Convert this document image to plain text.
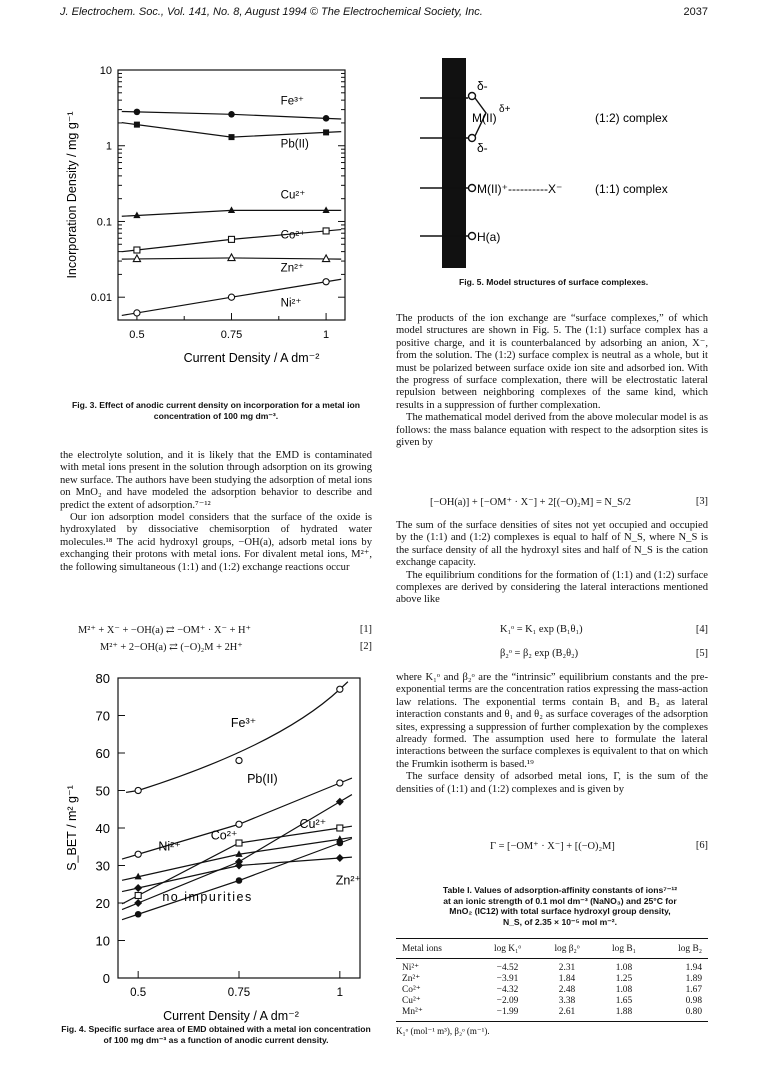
J. Electrochem. Soc., Vol. 141, No. 8, August 1994 © The Electrochemical Society, Inc.	2037
10
1
0.1
0.01
0.5	0.75	1
Current Density / A dm⁻²
Incorporation Density / mg g⁻¹
Fe³⁺
Pb(II)
Cu²⁺
Co²⁺
Zn²⁺
Ni²⁺
Fig. 3. Effect of anodic current density on incorporation for a metal ion concentration of 100 mg dm⁻³.

the electrolyte solution, and it is likely that the EMD is contaminated with metal ions present in the solution through adsorption on its growing new surface. The authors have been studying the adsorption of metal ions on MnO₂ and have modeled the adsorption behavior to describe and predict the extent of adsorption.⁷⁻¹²

Our ion adsorption model considers that the surface of the oxide is hydroxylated by dissociative chemisorption of hydrated water molecules.¹⁸ The acid hydroxyl groups, −OH(a), adsorb metal ions by exchanging their protons with metal ions. For divalent metal ions, M²⁺, the following simultaneous (1:1) and (1:2) exchange reactions occur

M²⁺ + X⁻ + −OH(a) ⇄ −OM⁺ · X⁻ + H⁺	[1]
M²⁺ + 2−OH(a) ⇄ (−O)₂M + 2H⁺	[2]
80
70
60
50
40
30
20
10
0
0.5	0.75	1
Current Density / A dm⁻²
S_BET / m² g⁻¹
Fe³⁺
Pb(II)
Cu²⁺
Co²⁺
Ni²⁺
Zn²⁺
no impurities
Fig. 4. Specific surface area of EMD obtained with a metal ion concentration of 100 mg dm⁻³ as a function of anodic current density.
δ-
M(II)
δ+
δ-
M(II)⁺----------X⁻
H(a)
(1:2) complex
(1:1) complex
Fig. 5. Model structures of surface complexes.

The products of the ion exchange are “surface complexes,” of which model structures are shown in Fig. 5. The (1:1) surface complex has a positive charge, and it is counterbalanced by adsorbing an anion, X⁻, from the solution. The (1:2) surface complex is neutral as a whole, but it must be polarized between surface oxide ion site and adsorbed ion. With the progress of surface complexation, there will be electrostatic lateral repulsion between neighboring complexes of the same kind, which results in a suppression of further complexation.

The mathematical model derived from the above molecular model is as follows: the mass balance equation with respect to the adsorption sites is given by

[−OH(a)] + [−OM⁺ · X⁻] + 2[(−O)₂M] = N_S/2	[3]

The sum of the surface densities of sites not yet occupied and occupied by the (1:1) and (1:2) complexes is equal to half of N_S, where N_S is the surface density of all the hydroxyl sites and half of N_S is the cation exchange capacity.

The equilibrium conditions for the formation of (1:1) and (1:2) surface complexes are derived by considering the lateral interactions mentioned above like

K₁ᵒ = K₁ exp (B₁θ₁)	[4]
β₂ᵒ = β₂ exp (B₂θ₂)	[5]

where K₁ᵒ and β₂ᵒ are the “intrinsic” equilibrium constants and the pre-exponential terms are the concentration ratios expressing the mass-action law relations. The exponential terms contain B₁ and B₂ as lateral interaction constants and θ₁ and θ₂ as surface coverages of the adsorption sites, expressing a suppression of further complexation by the complexes already formed. The assumption used here to formulate the lateral interactions between the surface complexes is equivalent to that on which the Frumkin isotherm is based.¹⁹

The surface density of adsorbed metal ions, Γ, is the sum of the densities of (1:1) and (1:2) complexes and is given by

Γ = [−OM⁺ · X⁻] + [(−O)₂M]	[6]
Table I. Values of adsorption-affinity constants of ions⁷⁻¹² at an ionic strength of 0.1 mol dm⁻³ (NaNO₃) and 25°C for MnO₂ (IC12) with total surface hydroxyl group density, N_S, of 2.35 × 10⁻⁵ mol m⁻².
Metal ions	log K₁ᵒ	log β₂ᵒ	log B₁	log B₂
Ni²⁺	−4.52	2.31	1.08	1.94
Zn²⁺	−3.91	1.84	1.25	1.89
Co²⁺	−4.32	2.48	1.08	1.67
Cu²⁺	−2.09	3.38	1.65	0.98
Mn²⁺	−1.99	2.61	1.88	0.80
K₁ᵒ (mol⁻¹ m³), β₂ᵒ (m⁻¹).
